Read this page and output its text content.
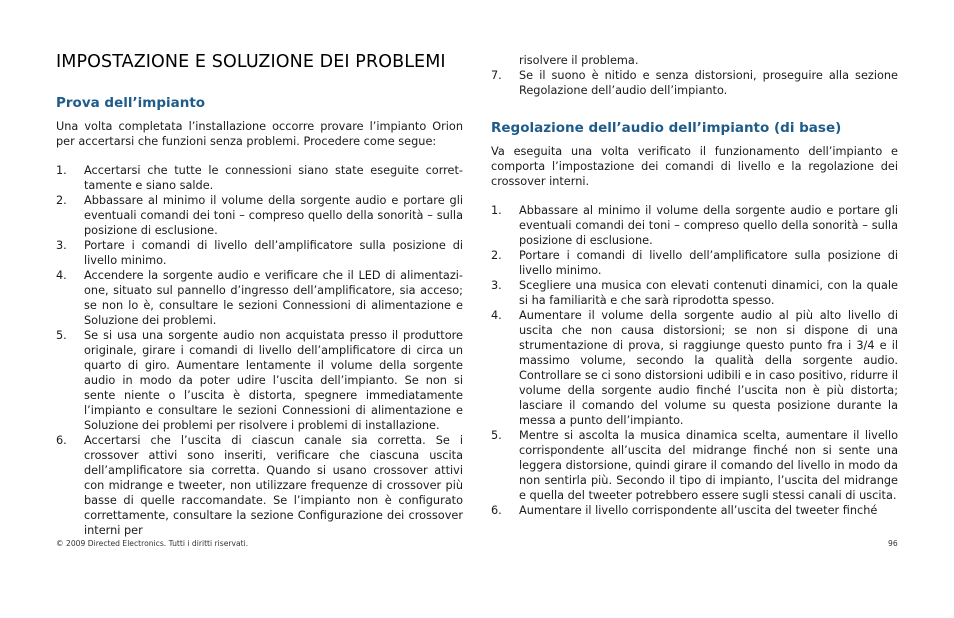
IMPOSTAZIONE E SOLUZIONE DEI PROBLEMI
Prova dell’impianto

Una volta completata l’installazione occorre provare l’impianto Orion per accertarsi che funzioni senza problemi. Procedere come segue:

1. Accertarsi che tutte le connessioni siano state eseguite correttamente e siano salde.
2. Abbassare al minimo il volume della sorgente audio e portare gli eventuali comandi dei toni – compreso quello della sonorità – sulla posizione di esclusione.
3. Portare i comandi di livello dell’amplificatore sulla posizione di livello minimo.
4. Accendere la sorgente audio e verificare che il LED di alimentazione, situato sul pannello d’ingresso dell’amplificatore, sia acceso; se non lo è, consultare le sezioni Connessioni di alimentazione e Soluzione dei problemi.
5. Se si usa una sorgente audio non acquistata presso il produttore originale, girare i comandi di livello dell’amplificatore di circa un quarto di giro. Aumentare lentamente il volume della sorgente audio in modo da poter udire l’uscita dell’impianto. Se non si sente niente o l’uscita è distorta, spegnere immediatamente l’impianto e consultare le sezioni Connessioni di alimentazione e Soluzione dei problemi per risolvere i problemi di installazione.
6. Accertarsi che l’uscita di ciascun canale sia corretta. Se i crossover attivi sono inseriti, verificare che ciascuna uscita dell’amplificatore sia corretta. Quando si usano crossover attivi con midrange e tweeter, non utilizzare frequenze di crossover più basse di quelle raccomandate. Se l’impianto non è configurato correttamente, consultare la sezione Configurazione dei crossover interni per

risolvere il problema.

7. Se il suono è nitido e senza distorsioni, proseguire alla sezione Regolazione dell’audio dell’impianto.
Regolazione dell’audio dell’impianto (di base)

Va eseguita una volta verificato il funzionamento dell’impianto e comporta l’impostazione dei comandi di livello e la regolazione dei crossover interni.

1. Abbassare al minimo il volume della sorgente audio e portare gli eventuali comandi dei toni – compreso quello della sonorità – sulla posizione di esclusione.
2. Portare i comandi di livello dell’amplificatore sulla posizione di livello minimo.
3. Scegliere una musica con elevati contenuti dinamici, con la quale si ha familiarità e che sarà riprodotta spesso.
4. Aumentare il volume della sorgente audio al più alto livello di uscita che non causa distorsioni; se non si dispone di una strumentazione di prova, si raggiunge questo punto fra i 3/4 e il massimo volume, secondo la qualità della sorgente audio. Controllare se ci sono distorsioni udibili e in caso positivo, ridurre il volume della sorgente audio finché l’uscita non è più distorta; lasciare il comando del volume su questa posizione durante la messa a punto dell’impianto.
5. Mentre si ascolta la musica dinamica scelta, aumentare il livello corrispondente all’uscita del midrange finché non si sente una leggera distorsione, quindi girare il comando del livello in modo da non sentirla più. Secondo il tipo di impianto, l’uscita del midrange e quella del tweeter potrebbero essere sugli stessi canali di uscita.
6. Aumentare il livello corrispondente all’uscita del tweeter finché
© 2009 Directed Electronics. Tutti i diritti riservati.	96
